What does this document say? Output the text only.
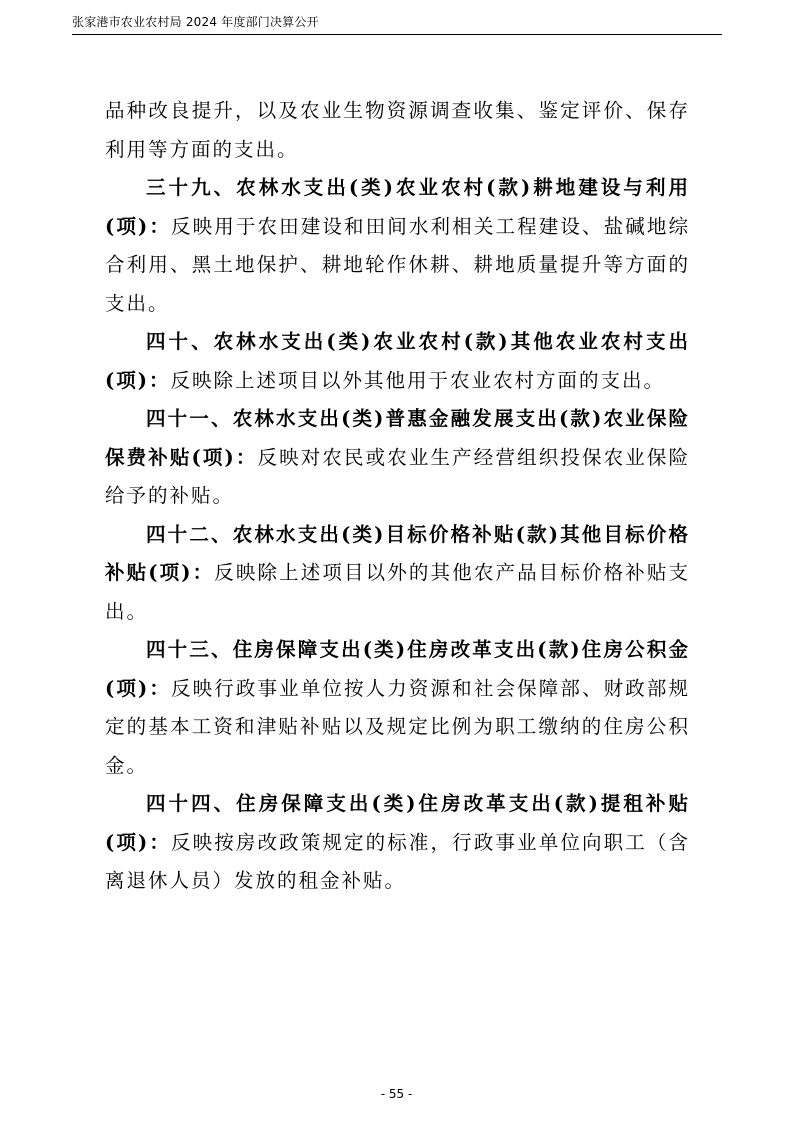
张家港市农业农村局 2024 年度部门决算公开

品种改良提升，以及农业生物资源调查收集、鉴定评价、保存利用等方面的支出。

三十九、农林水支出(类)农业农村(款)耕地建设与利用(项)：反映用于农田建设和田间水利相关工程建设、盐碱地综合利用、黑土地保护、耕地轮作休耕、耕地质量提升等方面的支出。

四十、农林水支出(类)农业农村(款)其他农业农村支出(项)：反映除上述项目以外其他用于农业农村方面的支出。

四十一、农林水支出(类)普惠金融发展支出(款)农业保险保费补贴(项)：反映对农民或农业生产经营组织投保农业保险给予的补贴。

四十二、农林水支出(类)目标价格补贴(款)其他目标价格补贴(项)：反映除上述项目以外的其他农产品目标价格补贴支出。

四十三、住房保障支出(类)住房改革支出(款)住房公积金(项)：反映行政事业单位按人力资源和社会保障部、财政部规定的基本工资和津贴补贴以及规定比例为职工缴纳的住房公积金。

四十四、住房保障支出(类)住房改革支出(款)提租补贴(项)：反映按房改政策规定的标准，行政事业单位向职工（含离退休人员）发放的租金补贴。

- 55 -
